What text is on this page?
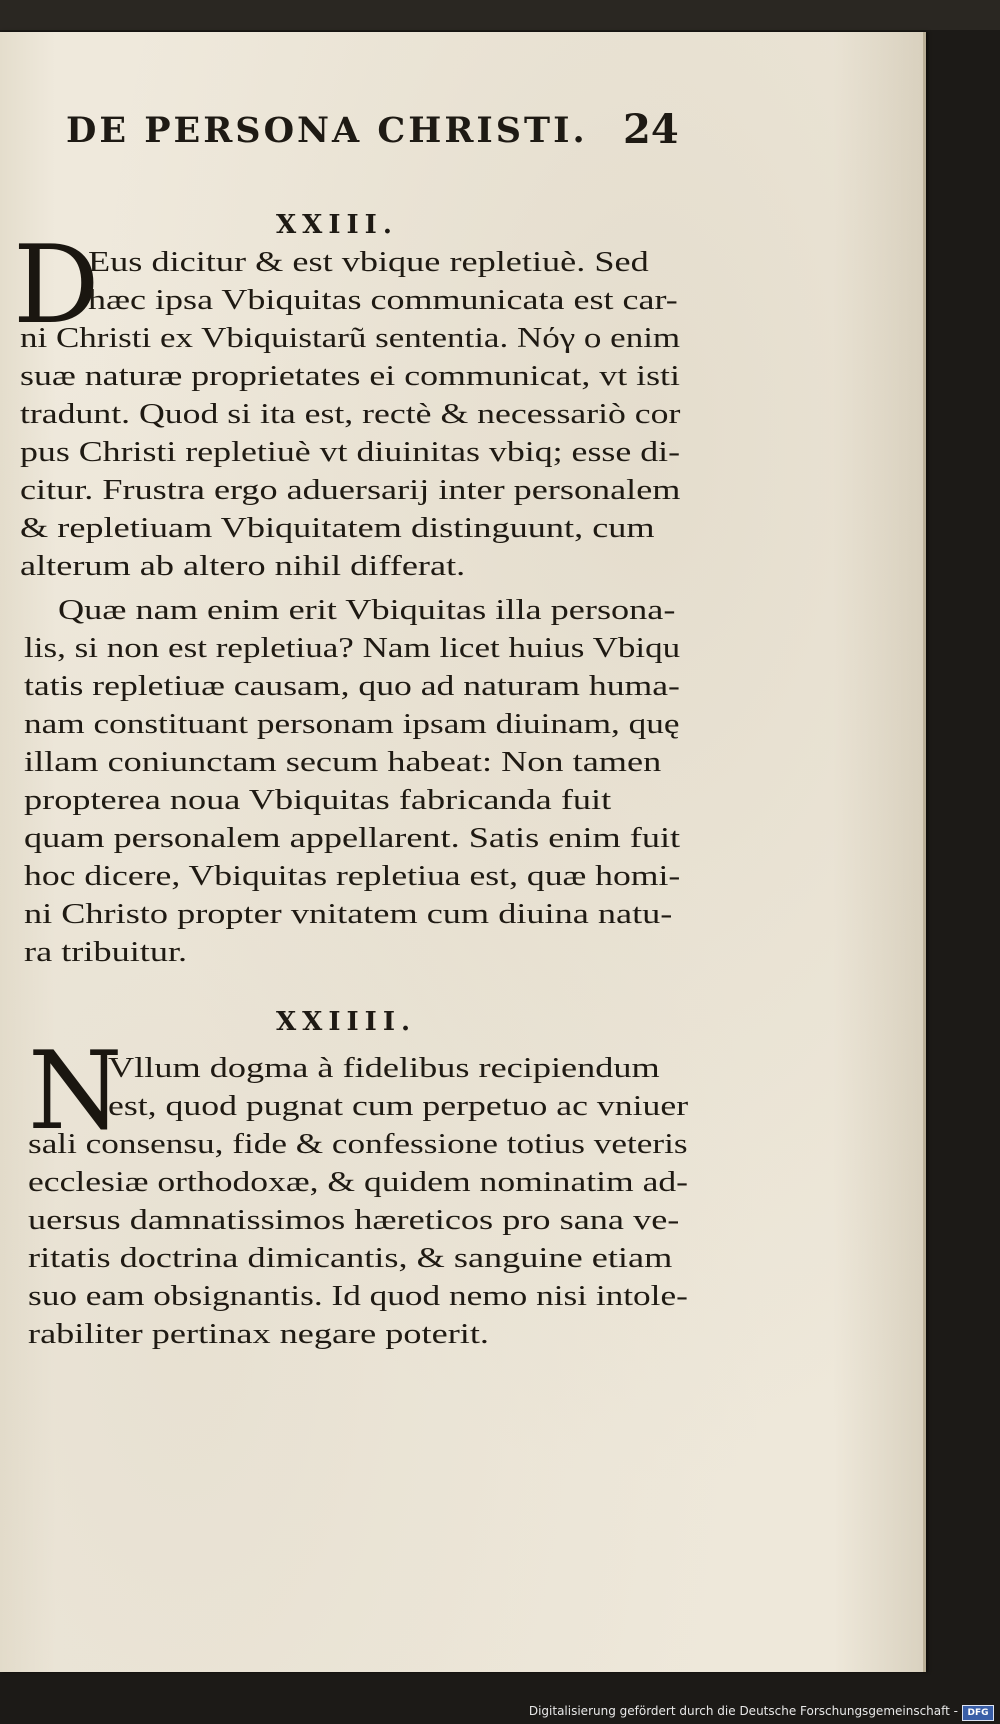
DE PERSONA CHRISTI. 24
XXIII.
D
Eus dicitur & est vbique repletiuè. Sed
hæc ipsa Vbiquitas communicata est car-
ni Christi ex Vbiquistarũ sententia. Νόγ ο enim
suæ naturæ proprietates ei communicat, vt isti
tradunt. Quod si ita est, rectè & necessariò cor
pus Christi repletiuè vt diuinitas vbiq; esse di-
citur. Frustra ergo aduersarij inter personalem
& repletiuam Vbiquitatem distinguunt, cum
alterum ab altero nihil differat.
Quæ nam enim erit Vbiquitas illa persona-
lis, si non est repletiua? Nam licet huius Vbiqu
tatis repletiuæ causam, quo ad naturam huma-
nam constituant personam ipsam diuinam, quę
illam coniunctam secum habeat: Non tamen
propterea noua Vbiquitas fabricanda fuit
quam personalem appellarent. Satis enim fuit
hoc dicere, Vbiquitas repletiua est, quæ homi-
ni Christo propter vnitatem cum diuina natu-
ra tribuitur.
XXIIII.
N
Vllum dogma à fidelibus recipiendum
est, quod pugnat cum perpetuo ac vniuer
sali consensu, fide & confessione totius veteris
ecclesiæ orthodoxæ, & quidem nominatim ad-
uersus damnatissimos hæreticos pro sana ve-
ritatis doctrina dimicantis, & sanguine etiam
suo eam obsignantis. Id quod nemo nisi intole-
rabiliter pertinax negare poterit.
Digitalisierung gefördert durch die Deutsche Forschungsgemeinschaft -	DFG
